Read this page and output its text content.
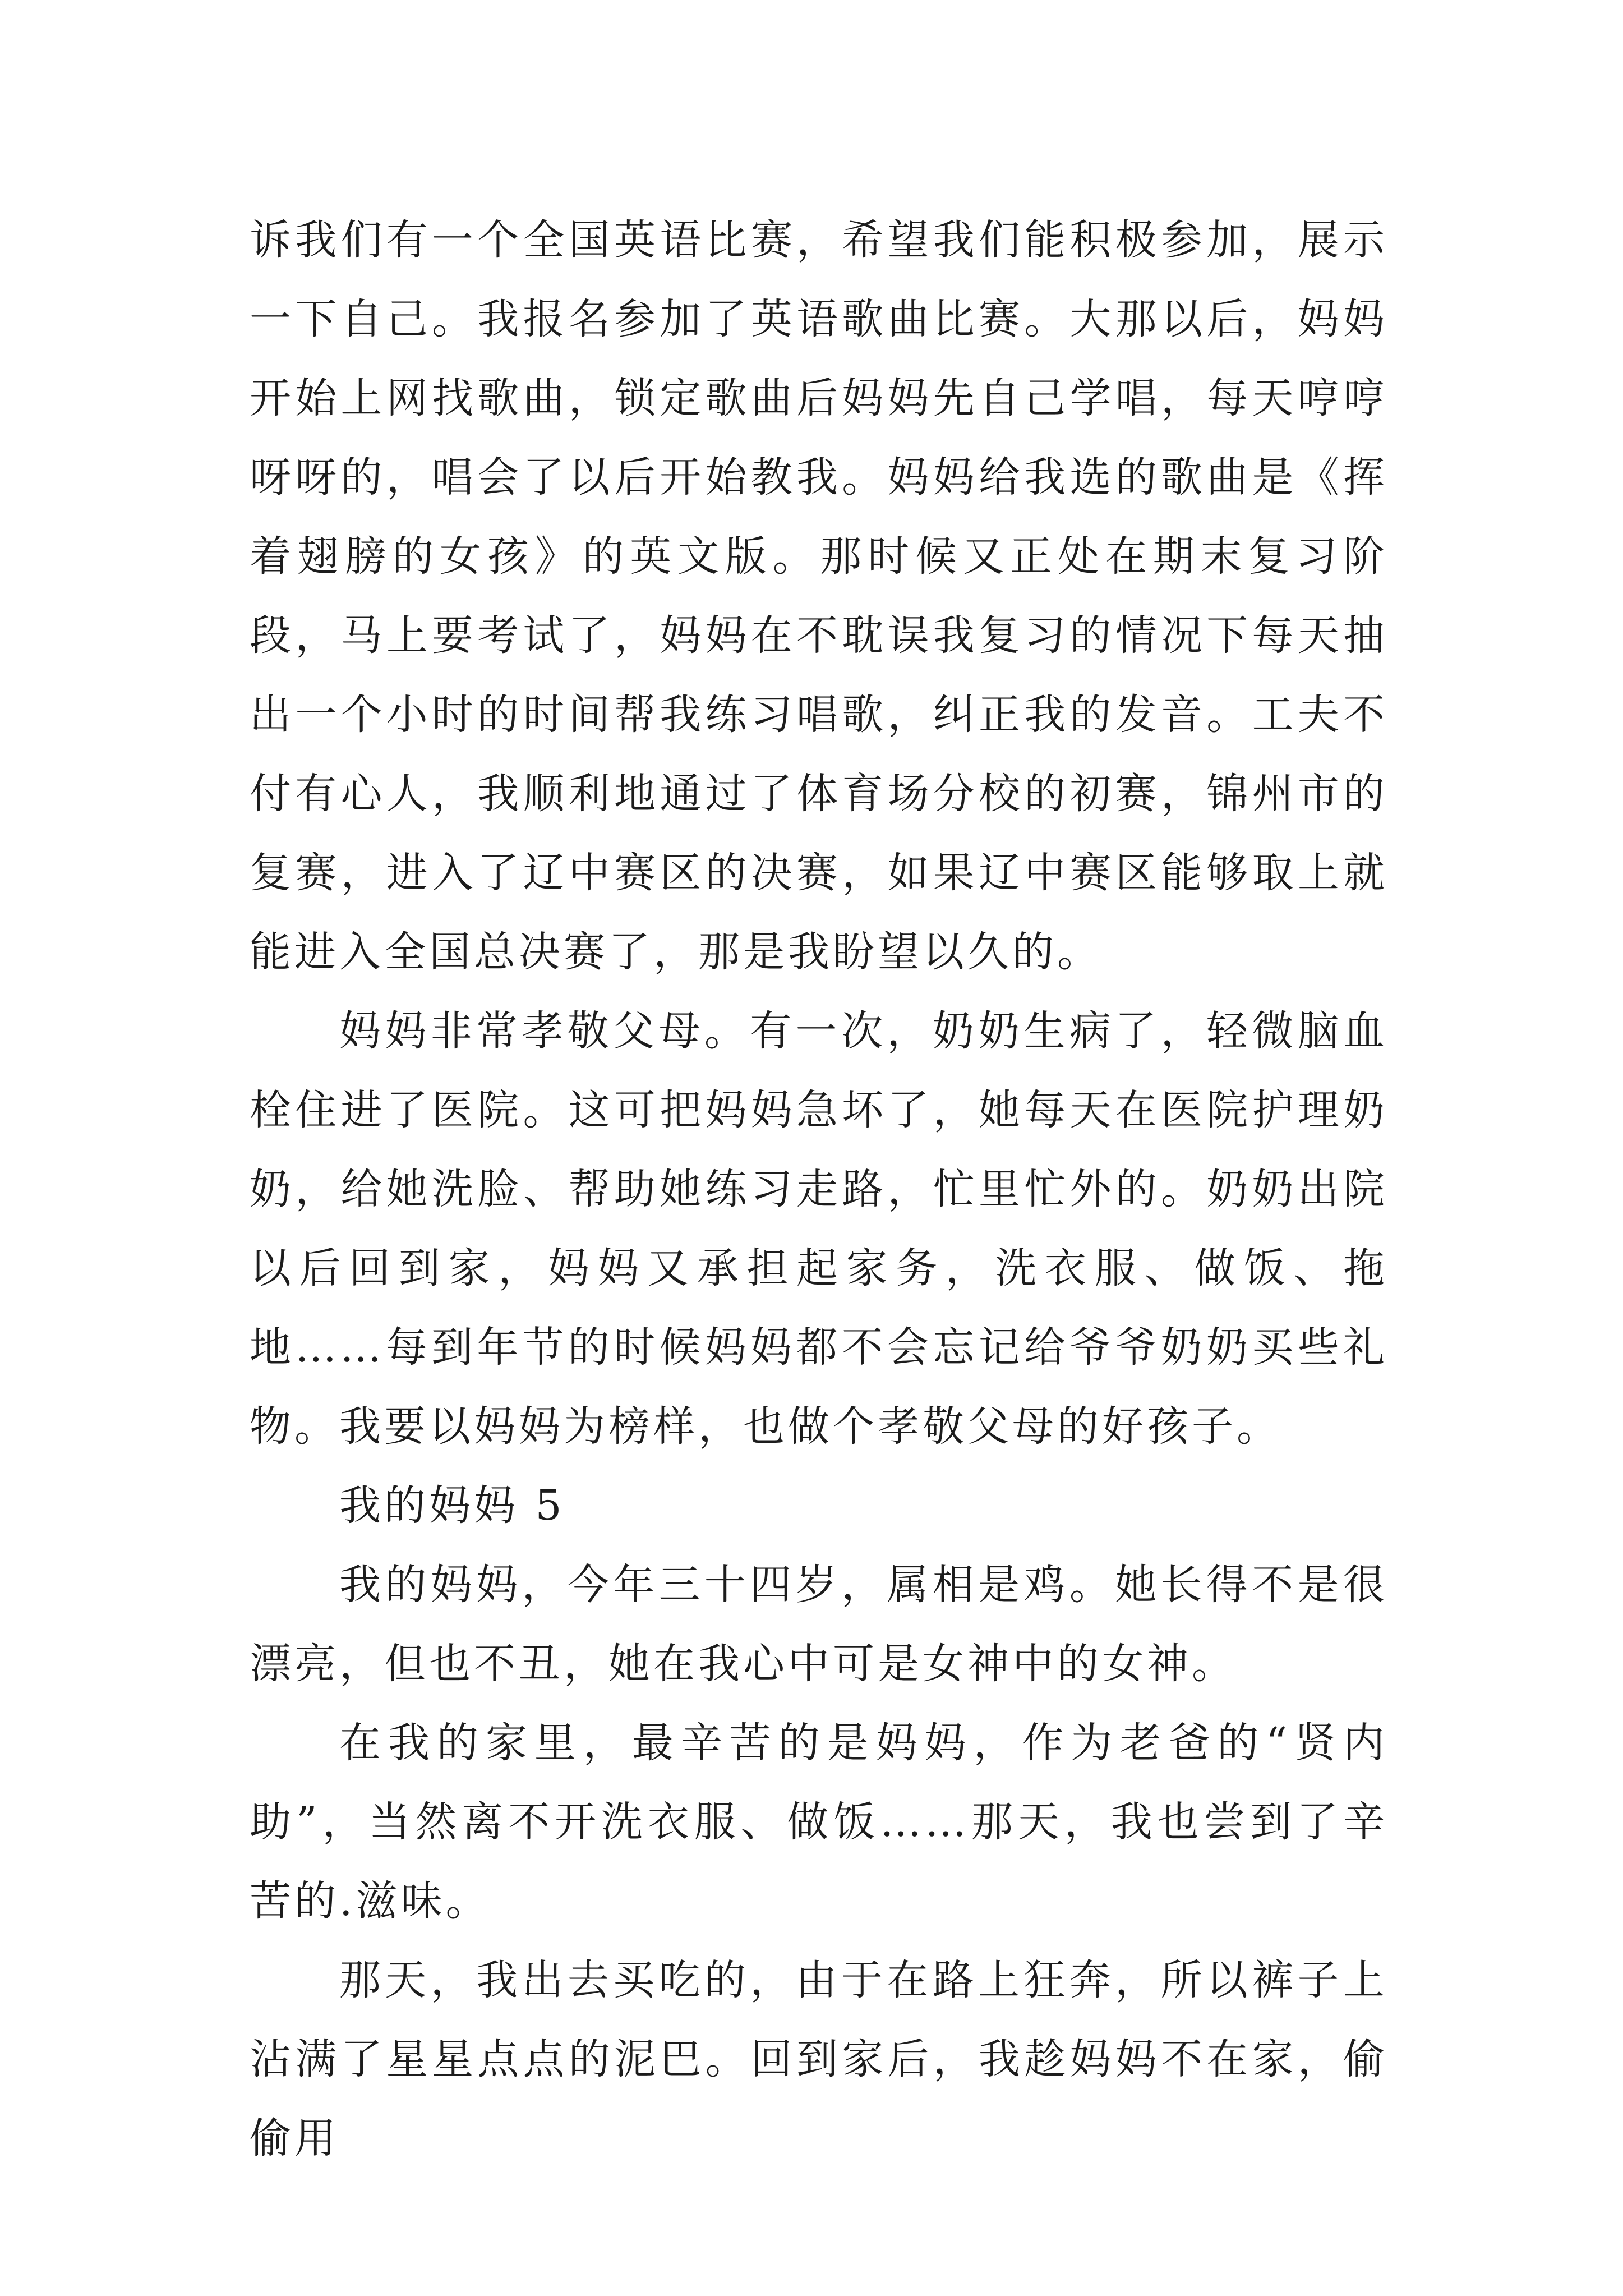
诉我们有一个全国英语比赛，希望我们能积极参加，展示一下自己。我报名参加了英语歌曲比赛。大那以后，妈妈开始上网找歌曲，锁定歌曲后妈妈先自己学唱，每天哼哼呀呀的，唱会了以后开始教我。妈妈给我选的歌曲是《挥着翅膀的女孩》的英文版。那时候又正处在期末复习阶段，马上要考试了，妈妈在不耽误我复习的情况下每天抽出一个小时的时间帮我练习唱歌，纠正我的发音。工夫不付有心人，我顺利地通过了体育场分校的初赛，锦州市的复赛，进入了辽中赛区的决赛，如果辽中赛区能够取上就能进入全国总决赛了，那是我盼望以久的。

妈妈非常孝敬父母。有一次，奶奶生病了，轻微脑血栓住进了医院。这可把妈妈急坏了，她每天在医院护理奶奶，给她洗脸、帮助她练习走路，忙里忙外的。奶奶出院以后回到家，妈妈又承担起家务，洗衣服、做饭、拖地……每到年节的时候妈妈都不会忘记给爷爷奶奶买些礼物。我要以妈妈为榜样，也做个孝敬父母的好孩子。

我的妈妈 5

我的妈妈，今年三十四岁，属相是鸡。她长得不是很漂亮，但也不丑，她在我心中可是女神中的女神。

在我的家里，最辛苦的是妈妈，作为老爸的“贤内助”，当然离不开洗衣服、做饭……那天，我也尝到了辛苦的.滋味。

那天，我出去买吃的，由于在路上狂奔，所以裤子上沾满了星星点点的泥巴。回到家后，我趁妈妈不在家，偷偷用
